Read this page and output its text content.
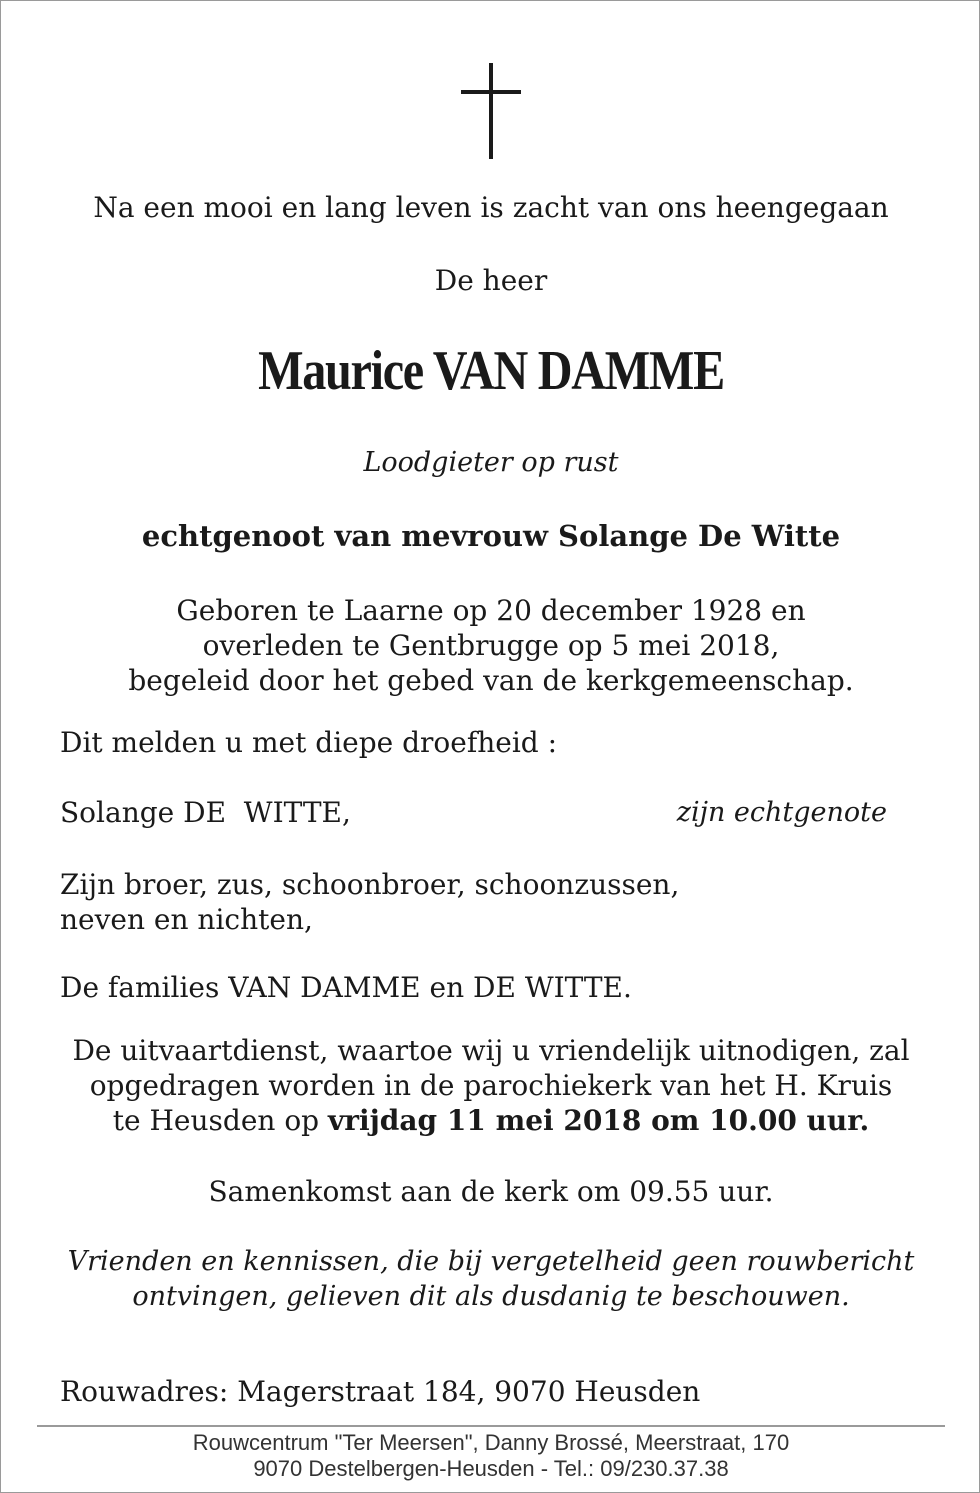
Na een mooi en lang leven is zacht van ons heengegaan
De heer
Maurice VAN DAMME
Loodgieter op rust
echtgenoot van mevrouw Solange De Witte
Geboren te Laarne op 20 december 1928 en
overleden te Gentbrugge op 5 mei 2018,
begeleid door het gebed van de kerkgemeenschap.
Dit melden u met diepe droefheid :
Solange DE  WITTE,	zijn echtgenote
Zijn broer, zus, schoonbroer, schoonzussen,
neven en nichten,
De families VAN DAMME en DE WITTE.
De uitvaartdienst, waartoe wij u vriendelijk uitnodigen, zal
opgedragen worden in de parochiekerk van het H. Kruis
te Heusden op vrijdag 11 mei 2018 om 10.00 uur.
Samenkomst aan de kerk om 09.55 uur.
Vrienden en kennissen, die bij vergetelheid geen rouwbericht
ontvingen, gelieven dit als dusdanig te beschouwen.
Rouwadres: Magerstraat 184, 9070 Heusden
Rouwcentrum "Ter Meersen", Danny Brossé, Meerstraat, 170
9070 Destelbergen-Heusden - Tel.: 09/230.37.38
